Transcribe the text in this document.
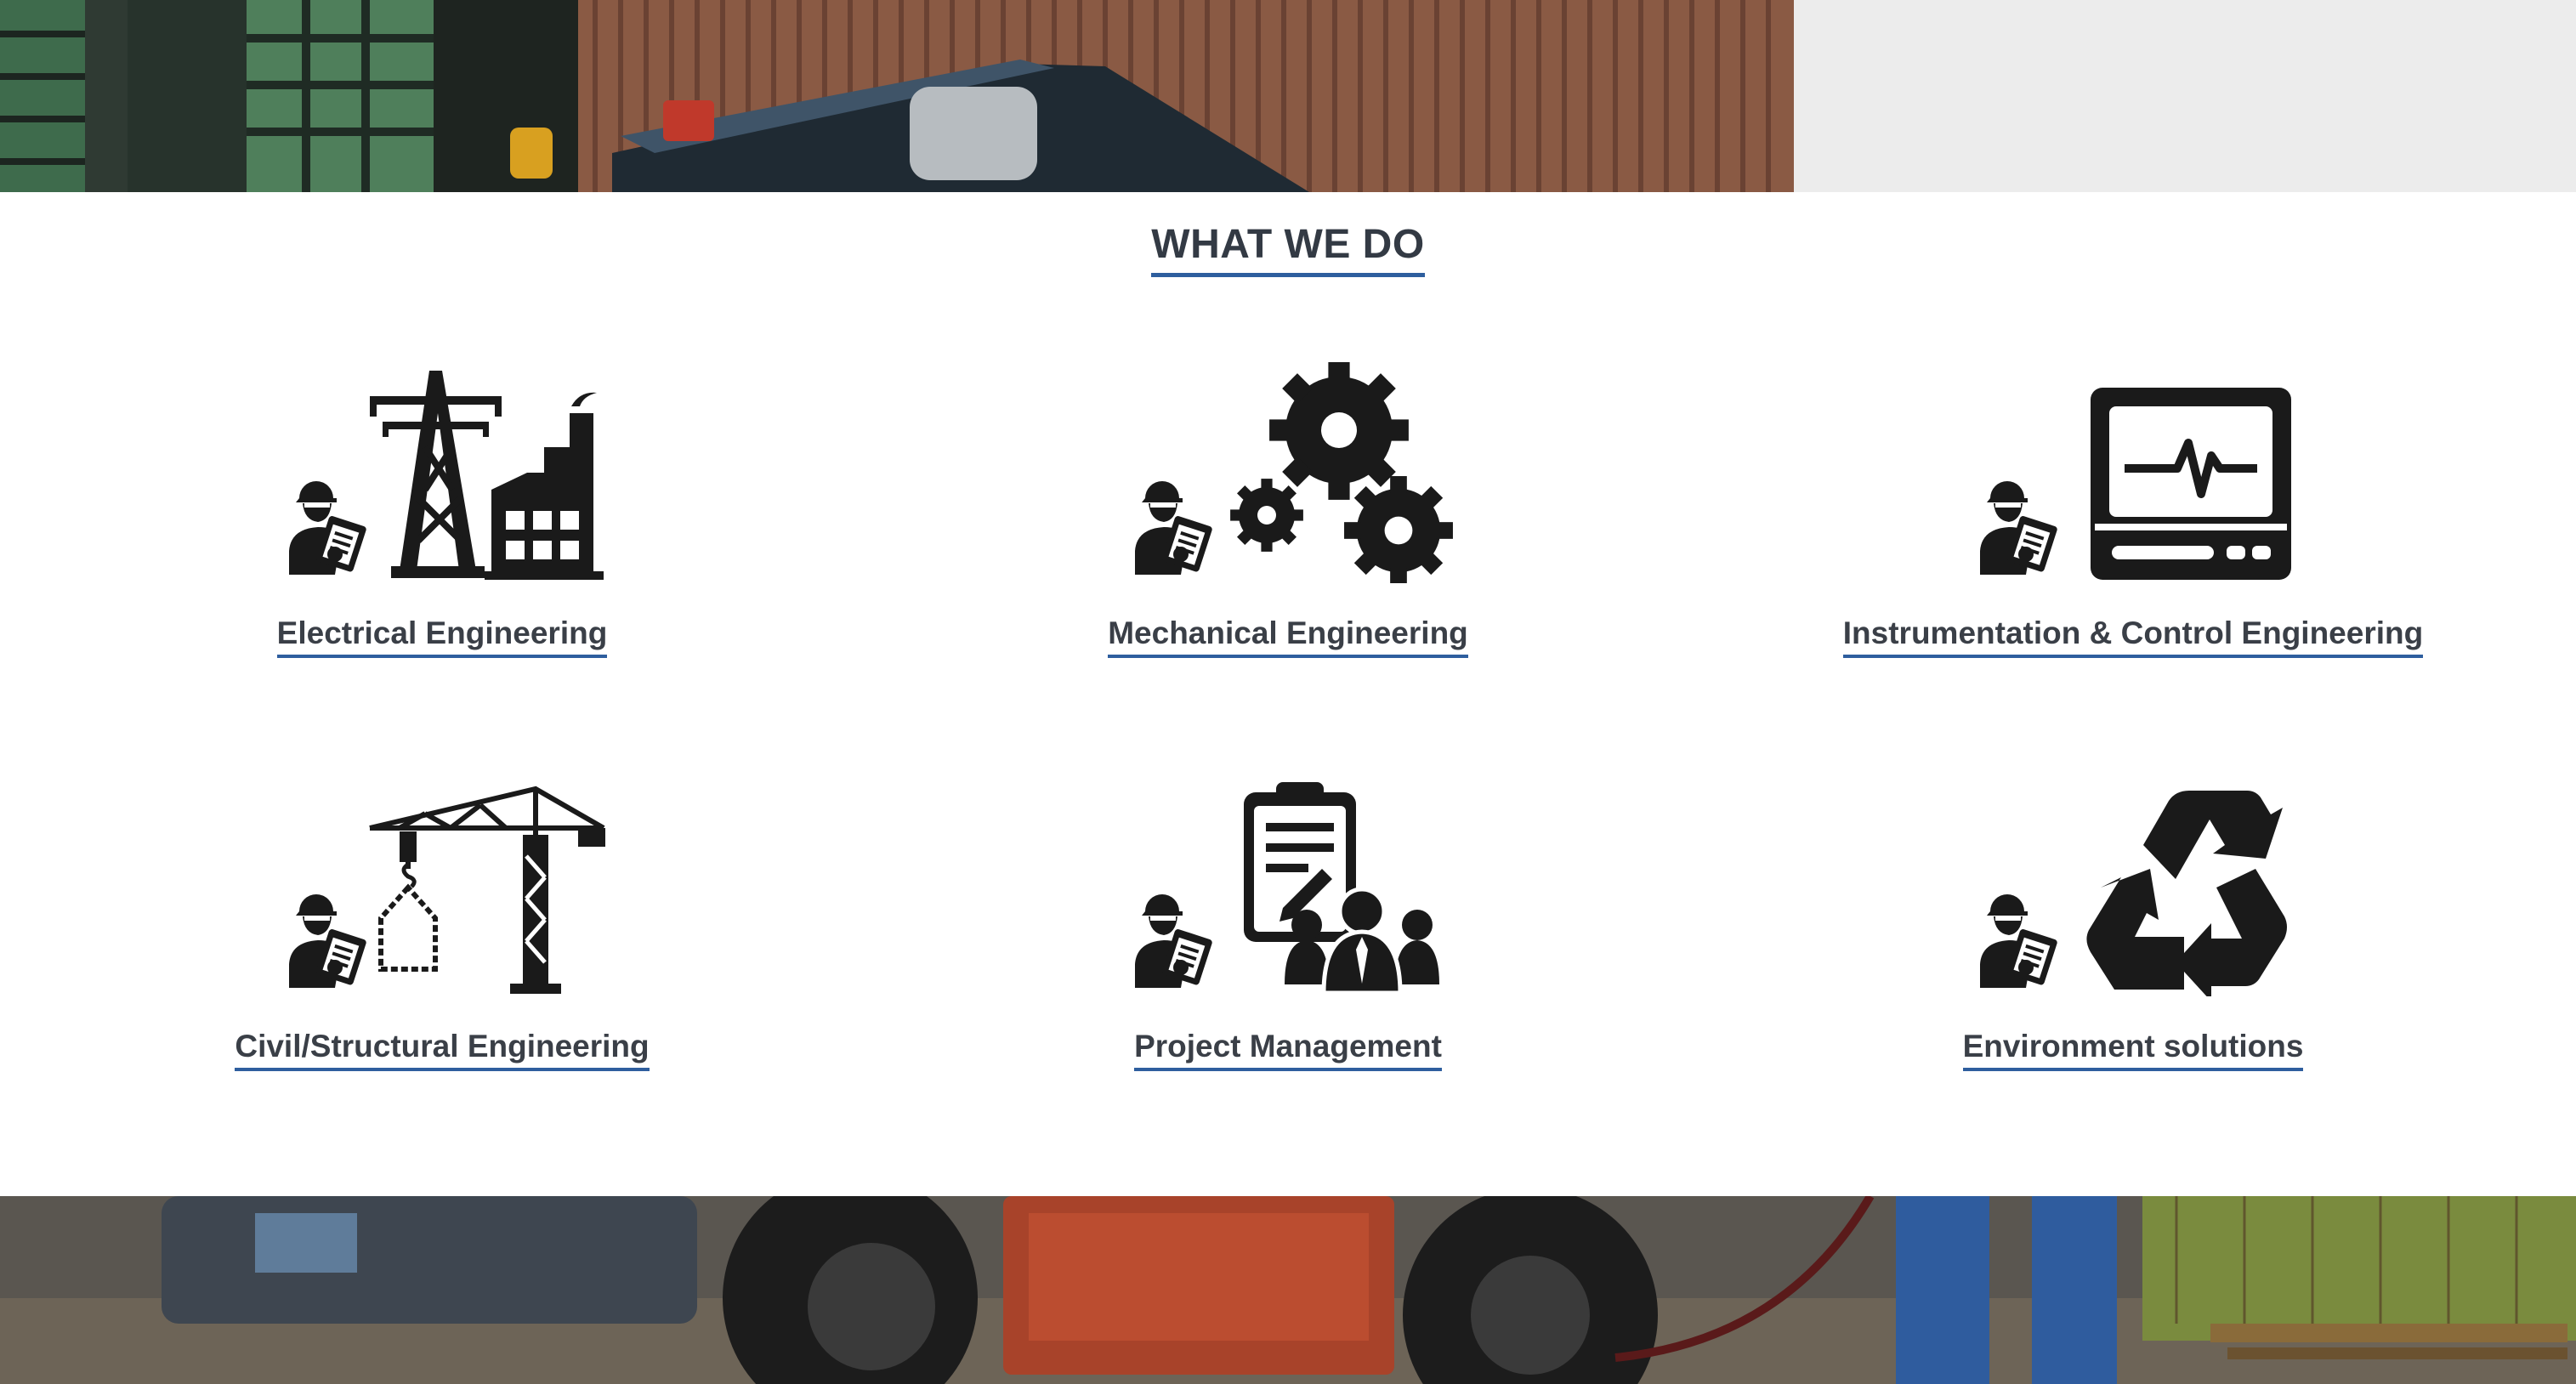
WHAT WE DO
Electrical Engineering	Mechanical Engineering	Instrumentation & Control Engineering
Civil/Structural Engineering	Project Management	Environment solutions
